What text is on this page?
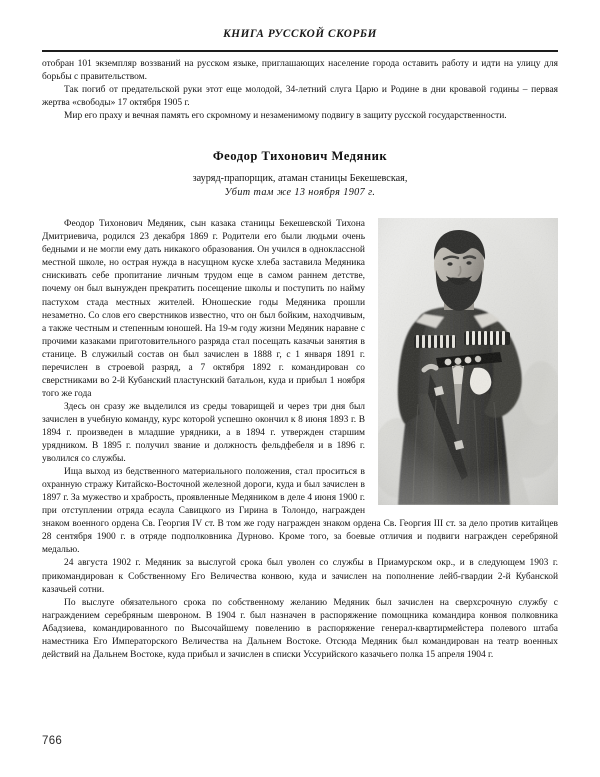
КНИГА РУССКОЙ СКОРБИ

отобран 101 экземпляр воззваний на русском языке, приглашающих население города оставить работу и идти на улицу для борьбы с правительством.

Так погиб от предательской руки этот еще молодой, 34-летний слуга Царю и Родине в дни кровавой годины – первая жертва «свободы» 17 октября 1905 г.

Мир его праху и вечная память его скромному и незаменимому подвигу в защиту русской государственности.

Феодор Тихонович Медяник
зауряд-прапорщик, атаман станицы Бекешевская,
Убит там же 13 ноября 1907 г.

Феодор Тихонович Медяник, сын казака станицы Бекешевской Тихона Дмитриевича, родился 23 декабря 1869 г. Родители его были людьми очень бедными и не могли ему дать никакого образования. Он учился в одноклассной местной школе, но острая нужда в насущном куске хлеба заставила Медяника снискивать себе пропитание личным трудом еще в самом раннем детстве, почему он был вынужден прекратить посещение школы и поступить по найму пастухом стада местных жителей. Юношеские годы Медяника прошли незаметно. Со слов его сверстников известно, что он был бойким, находчивым, а также честным и степенным юношей. На 19-м году жизни Медяник наравне с прочими казаками приготовительного разряда стал посещать казачьи занятия в станице. В служилый состав он был зачислен в 1888 г, с 1 января 1891 г. перечислен в строевой разряд, а 7 октября 1892 г. командирован со сверстниками во 2-й Кубанский пластунский батальон, куда и прибыл 1 ноября того же года

Здесь он сразу же выделился из среды товарищей и через три дня был зачислен в учебную команду, курс которой успешно окончил к 8 июня 1893 г. В 1894 г. произведен в младшие урядники, а в 1894 г. утвержден старшим урядником. В 1895 г. получил звание и должность фельдфебеля и в 1896 г. уволился со службы.

Ища выход из бедственного материального положения, стал проситься в охранную стражу Китайско-Восточной железной дороги, куда и был зачислен в 1897 г. За мужество и храбрость, проявленные Медяником в деле 4 июня 1900 г. при отступлении отряда есаула Савицкого из Гирина в Толондо, награжден знаком военного ордена Св. Георгия IV ст. В том же году награжден знаком ордена Св. Георгия III ст. за дело против китайцев 28 сентября 1900 г. в отряде подполковника Дурново. Кроме того, за боевые отличия и подвиги награжден серебряной медалью.

24 августа 1902 г. Медяник за выслугой срока был уволен со службы в Приамурском окр., и в следующем 1903 г. прикомандирован к Собственному Его Величества конвою, куда и зачислен на пополнение лейб-гвардии 2-й Кубанской казачьей сотни.

По выслуге обязательного срока по собственному желанию Медяник был зачислен на сверхсрочную службу с награждением серебряным шевроном. В 1904 г. был назначен в распоряжение помощника командира конвоя полковника Абадзиева, командированного по Высочайшему повелению в распоряжение генерал-квартирмейстера полевого штаба наместника Его Императорского Величества на Дальнем Востоке. Отсюда Медяник был командирован на театр военных действий на Дальнем Востоке, куда прибыл и зачислен в списки Уссурийского казачьего полка 15 апреля 1904 г.

766
